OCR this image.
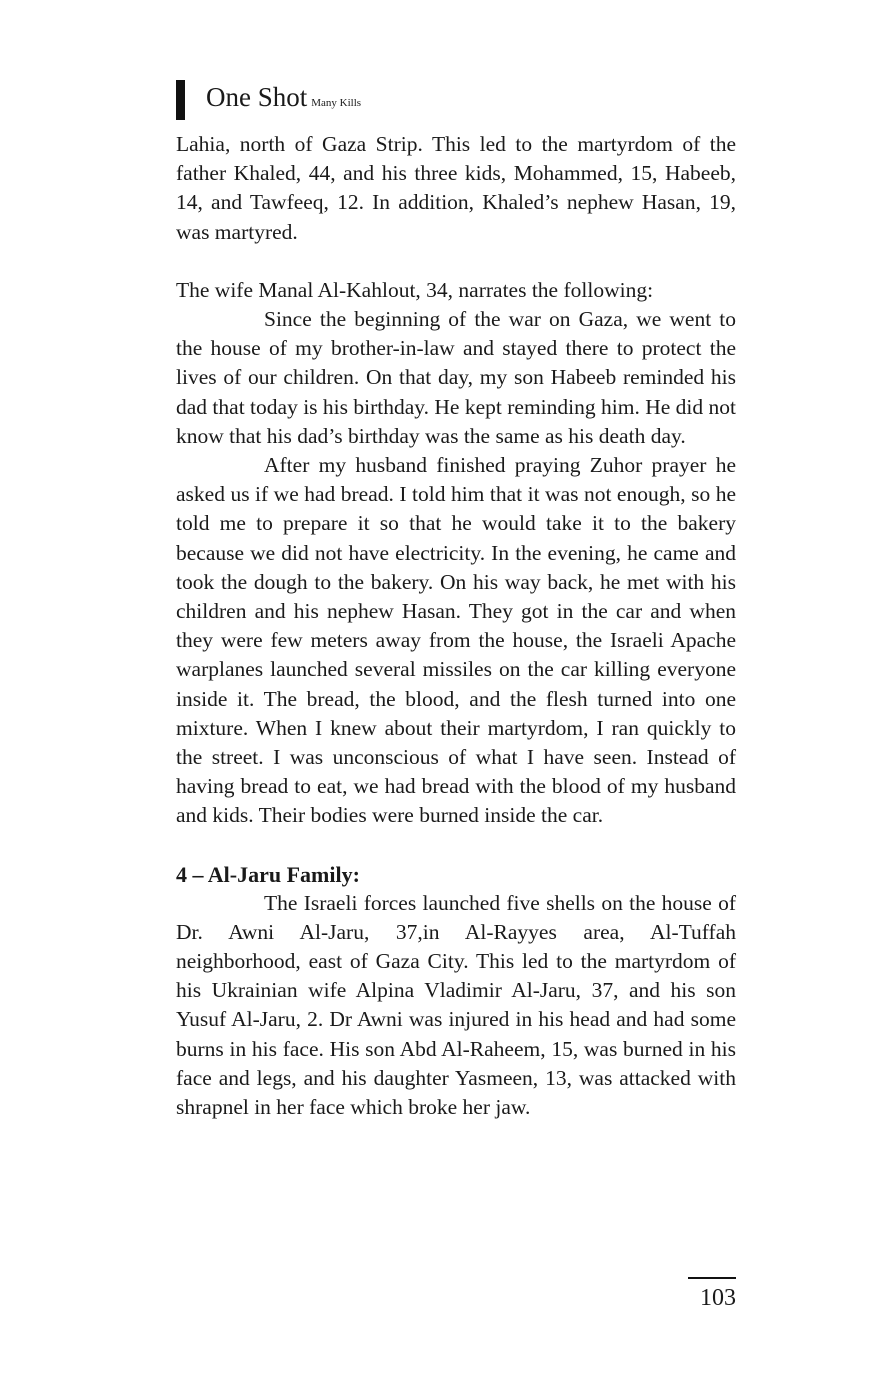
One Shot Many Kills

Lahia, north of Gaza Strip. This led to the martyrdom of the father Khaled, 44, and his three kids, Mohammed, 15, Habeeb, 14, and Tawfeeq, 12. In addition, Khaled’s nephew Hasan, 19, was martyred.

The wife Manal Al-Kahlout, 34, narrates the following:

Since the beginning of the war on Gaza, we went to the house of my brother-in-law and stayed there to protect the lives of our children. On that day, my son Habeeb reminded his dad that today is his birthday. He kept reminding him. He did not know that his dad’s birthday was the same as his death day.

After my husband finished praying Zuhor prayer he asked us if we had bread. I told him that it was not enough, so he told me to prepare it so that he would take it to the bakery because we did not have electricity. In the evening, he came and took the dough to the bakery. On his way back, he met with his children and his nephew Hasan. They got in the car and when they were few meters away from the house, the Israeli Apache warplanes launched several missiles on the car killing everyone inside it. The bread, the blood, and the flesh turned into one mixture. When I knew about their martyrdom, I ran quickly to the street. I was unconscious of what I have seen. Instead of having bread to eat, we had bread with the blood of my husband and kids. Their bodies were burned inside the car.

4 – Al-Jaru Family:

The Israeli forces launched five shells on the house of Dr. Awni Al-Jaru, 37,in Al-Rayyes area, Al-Tuffah neighborhood, east of Gaza City. This led to the martyrdom of his Ukrainian wife Alpina Vladimir Al-Jaru, 37, and his son Yusuf Al-Jaru, 2. Dr Awni was injured in his head and had some burns in his face. His son Abd Al-Raheem, 15, was burned in his face and legs, and his daughter Yasmeen, 13, was attacked with shrapnel in her face which broke her jaw.

103
